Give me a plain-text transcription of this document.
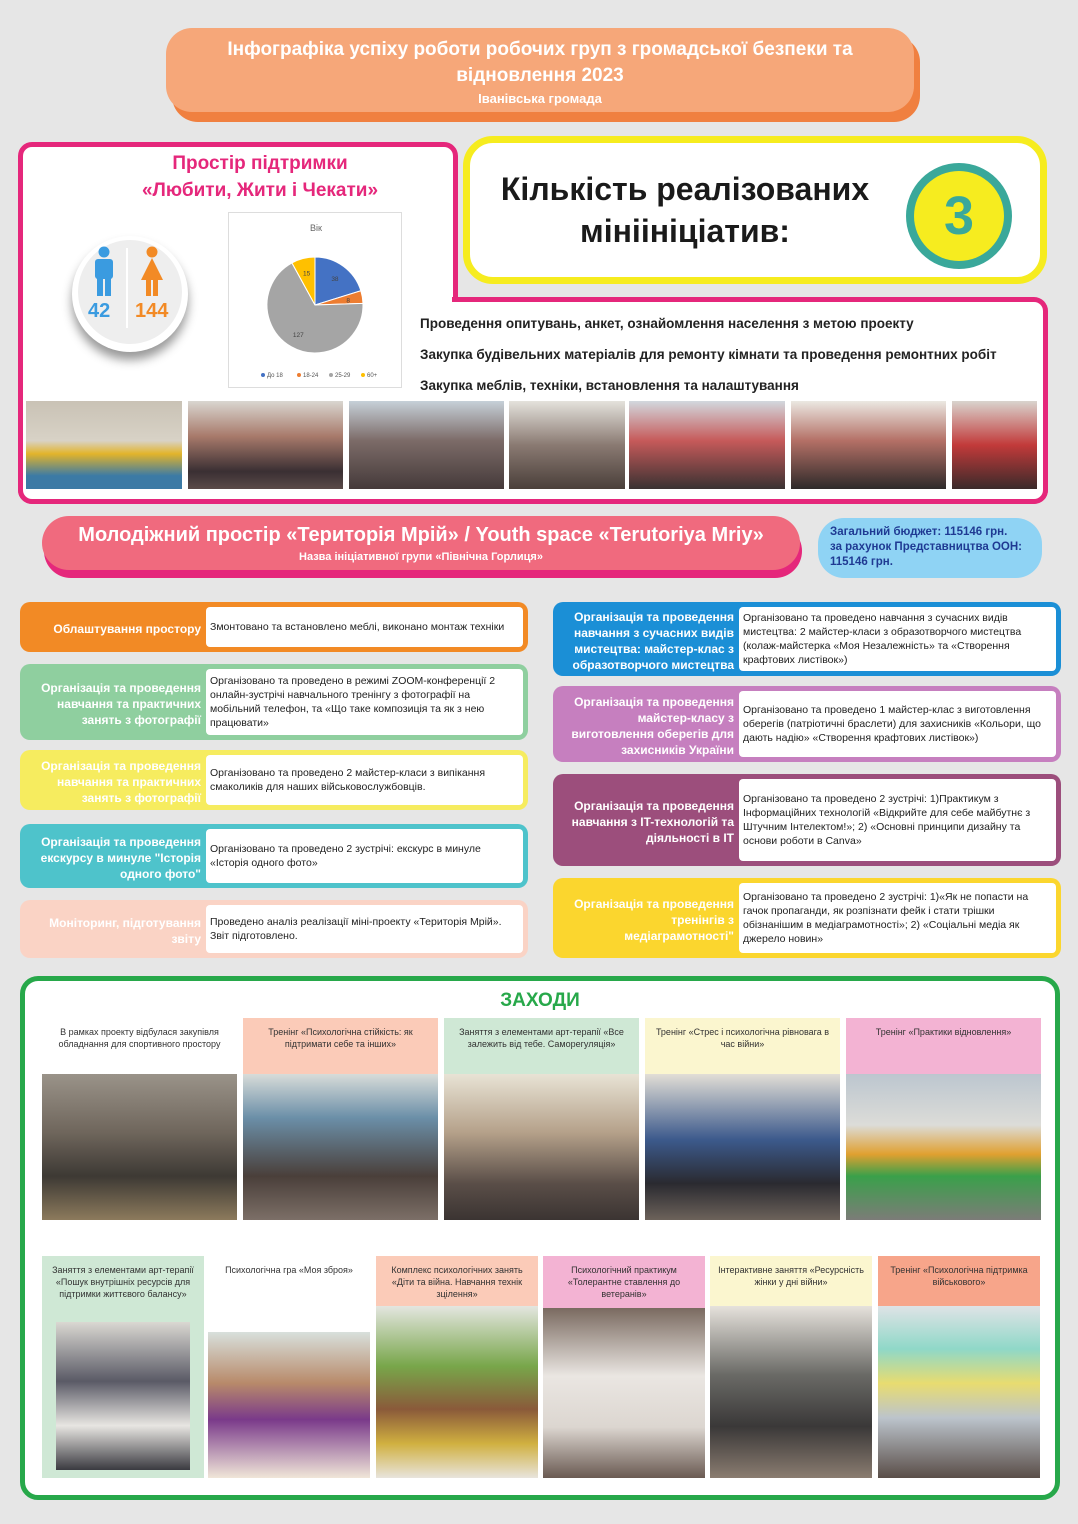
Інфографіка успіху роботи робочих груп з громадської безпеки та відновлення 2023
Іванівська громада
Простір підтримки
«Любити, Жити і Чекати»
42 144
Вік
38
8
127
15
До 18	18-24	25-29	60+
Кількість реалізованих мініініціатив:	3
Проведення опитувань, анкет, ознайомлення населення з метою проекту
Закупка будівельних матеріалів для ремонту кімнати та проведення ремонтних робіт
Закупка меблів, техніки, встановлення та налаштування
Молодіжний простір «Територія Мрій» / Youth space «Terutoriya Mriy»
Назва ініціативної групи «Північна Горлиця»
Загальний бюджет: 115146 грн.
за рахунок Представництва ООН:
115146 грн.
Облаштування простору Змонтовано та встановлено меблі, виконано монтаж техніки
Організація та проведення навчання та практичних занять з фотографії
Організовано та проведено в режимі ZOOM-конференції 2 онлайн-зустрічі навчального тренінгу з фотографії на мобільний телефон, та «Що таке композиція та як з нею працювати»
Організація та проведення навчання та практичних занять з фотографії
Організовано та проведено 2 майстер-класи з випікання смаколиків для наших військовослужбовців.
Організація та проведення екскурсу в минуле "Історія одного фото"
Організовано та проведено 2 зустрічі: екскурс в минуле «Історія одного фото»
Моніторинг, підготування звіту
Проведено аналіз реалізації міні-проекту «Територія Мрій». Звіт підготовлено.
Організація та проведення навчання з сучасних видів мистецтва: майстер-клас з образотворчого мистецтва
Організовано та проведено навчання з сучасних видів мистецтва: 2 майстер-класи з образотворчого мистецтва (колаж-майстерка «Моя Незалежність» та «Створення крафтових листівок»)
Організація та проведення майстер-класу з виготовлення оберегів для захисників України
Організовано та проведено 1 майстер-клас з виготовлення оберегів (патріотичні браслети) для захисників «Кольори, що дають надію» «Створення крафтових листівок»)
Організація та проведення навчання з IT-технологій та діяльності в IT
Організовано та проведено 2 зустрічі: 1)Практикум з Інформаційних технологій «Відкрийте для себе майбутнє з Штучним Інтелектом!»; 2) «Основні принципи дизайну та основи роботи в Canva»
Організація та проведення тренінгів з медіаграмотності"
Організовано та проведено 2 зустрічі: 1)«Як не попасти на гачок пропаганди, як розпізнати фейк і стати трішки обізнанішим в медіаграмотності»; 2) «Соціальні медіа як джерело новин»
ЗАХОДИ
В рамках проекту відбулася закупівля обладнання для спортивного простору
Тренінг «Психологічна стійкість: як підтримати себе та інших»
Заняття з елементами арт-терапії «Все залежить від тебе. Саморегуляція»
Тренінг «Стрес і психологічна рівновага в час війни»
Тренінг «Практики відновлення»
Заняття з елементами арт-терапії «Пошук внутрішніх ресурсів для підтримки життєвого балансу»
Психологічна гра «Моя зброя»	Комплекс психологічних занять «Діти та війна. Навчання технік зцілення»
Психологічний практикум «Толерантне ставлення до ветеранів»
Інтерактивне заняття «Ресурсність жінки у дні війни»
Тренінг «Психологічна підтримка військового»
